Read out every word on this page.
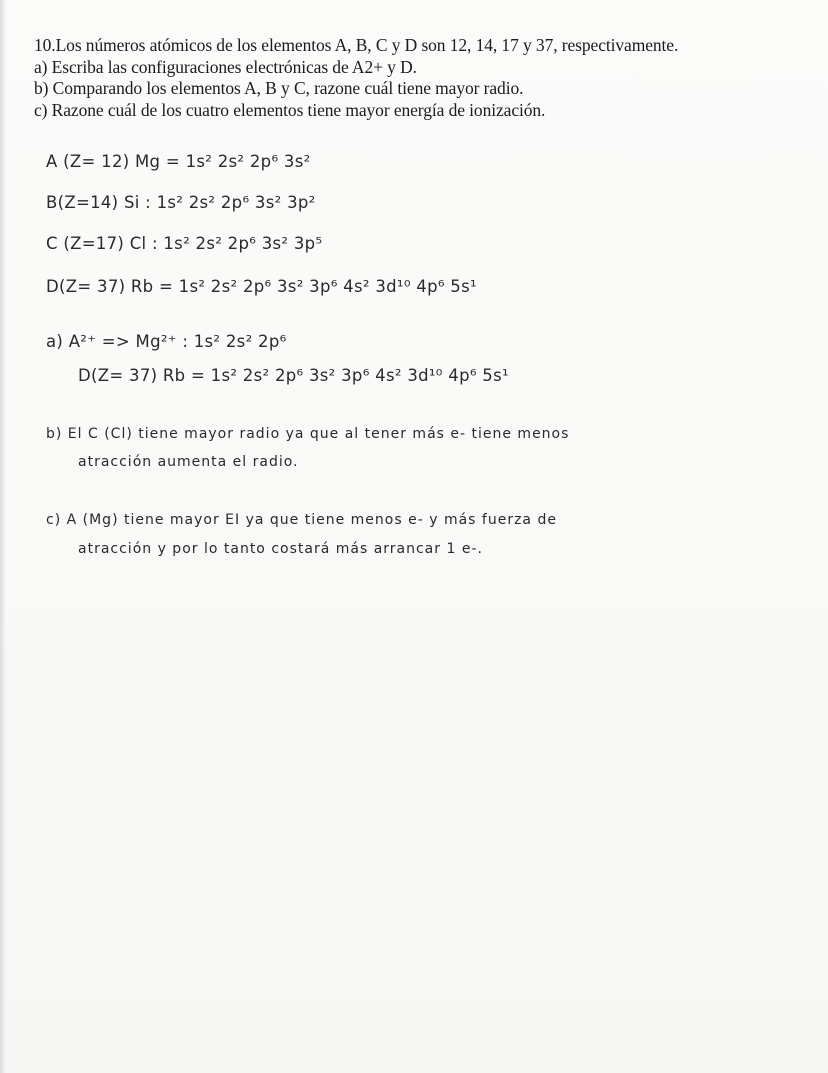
10.Los números atómicos de los elementos A, B, C y D son 12, 14, 17 y 37, respectivamente.
a) Escriba las configuraciones electrónicas de A2+ y D.
b) Comparando los elementos A, B y C, razone cuál tiene mayor radio.
c) Razone cuál de los cuatro elementos tiene mayor energía de ionización.
A (Z= 12) Mg = 1s² 2s² 2p⁶ 3s²
B(Z=14) Si : 1s² 2s² 2p⁶ 3s² 3p²
C (Z=17) Cl : 1s² 2s² 2p⁶ 3s² 3p⁵
D(Z= 37) Rb = 1s² 2s² 2p⁶ 3s² 3p⁶ 4s² 3d¹⁰ 4p⁶ 5s¹
a) A²⁺ => Mg²⁺ : 1s² 2s² 2p⁶
D(Z= 37) Rb = 1s² 2s² 2p⁶ 3s² 3p⁶ 4s² 3d¹⁰ 4p⁶ 5s¹
b) El C (Cl) tiene mayor radio ya que al tener más e- tiene menos
atracción aumenta el radio.
c) A (Mg) tiene mayor EI ya que tiene menos e- y más fuerza de
atracción y por lo tanto costará más arrancar 1 e-.
